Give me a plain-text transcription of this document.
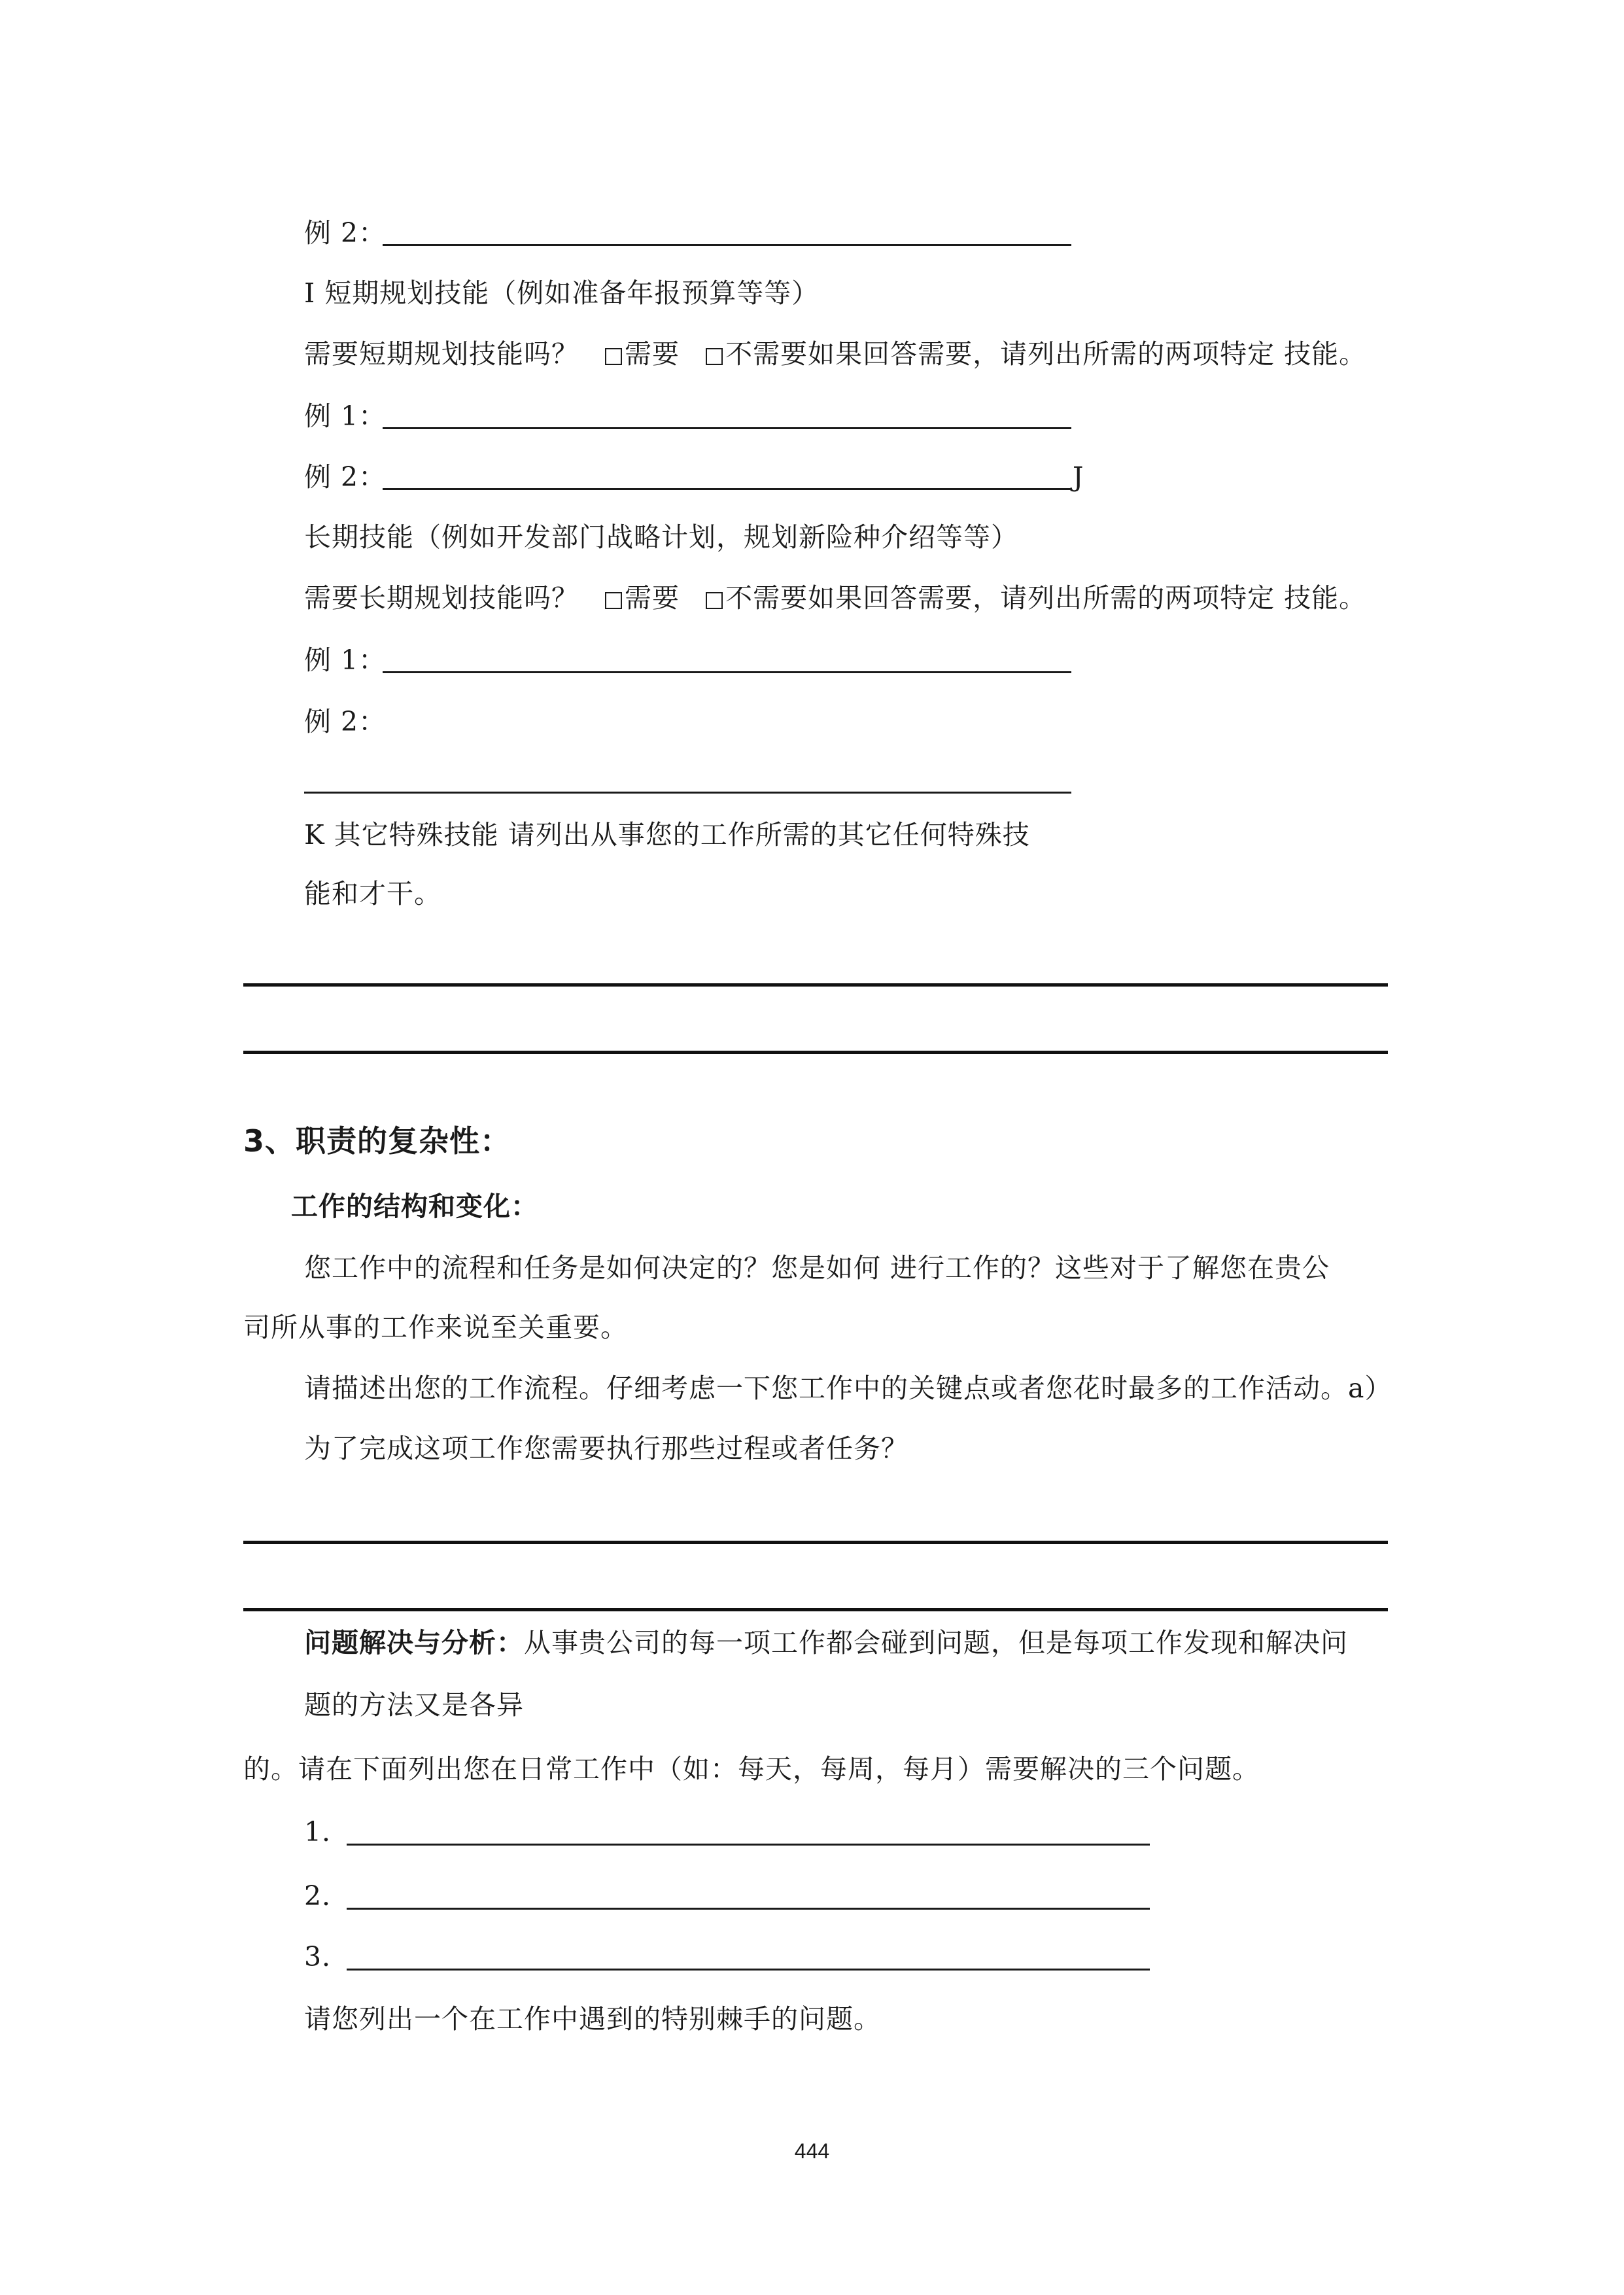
例 2：
I 短期规划技能（例如准备年报预算等等）
需要短期规划技能吗？ 需要 不需要如果回答需要，请列出所需的两项特定 技能。
例 1：
例 2：	J
长期技能（例如开发部门战略计划，规划新险种介绍等等）
需要长期规划技能吗？ 需要 不需要如果回答需要，请列出所需的两项特定 技能。
例 1：
例 2：
K 其它特殊技能 请列出从事您的工作所需的其它任何特殊技
能和才干。
3、职责的复杂性：
工作的结构和变化：
您工作中的流程和任务是如何决定的？您是如何 进行工作的？这些对于了解您在贵公
司所从事的工作来说至关重要。
请描述出您的工作流程。仔细考虑一下您工作中的关键点或者您花时最多的工作活动。a）
为了完成这项工作您需要执行那些过程或者任务？
问题解决与分析：从事贵公司的每一项工作都会碰到问题，但是每项工作发现和解决问
题的方法又是各异
的。请在下面列出您在日常工作中（如：每天，每周，每月）需要解决的三个问题。
1．
2．
3．
请您列出一个在工作中遇到的特别棘手的问题。
444
